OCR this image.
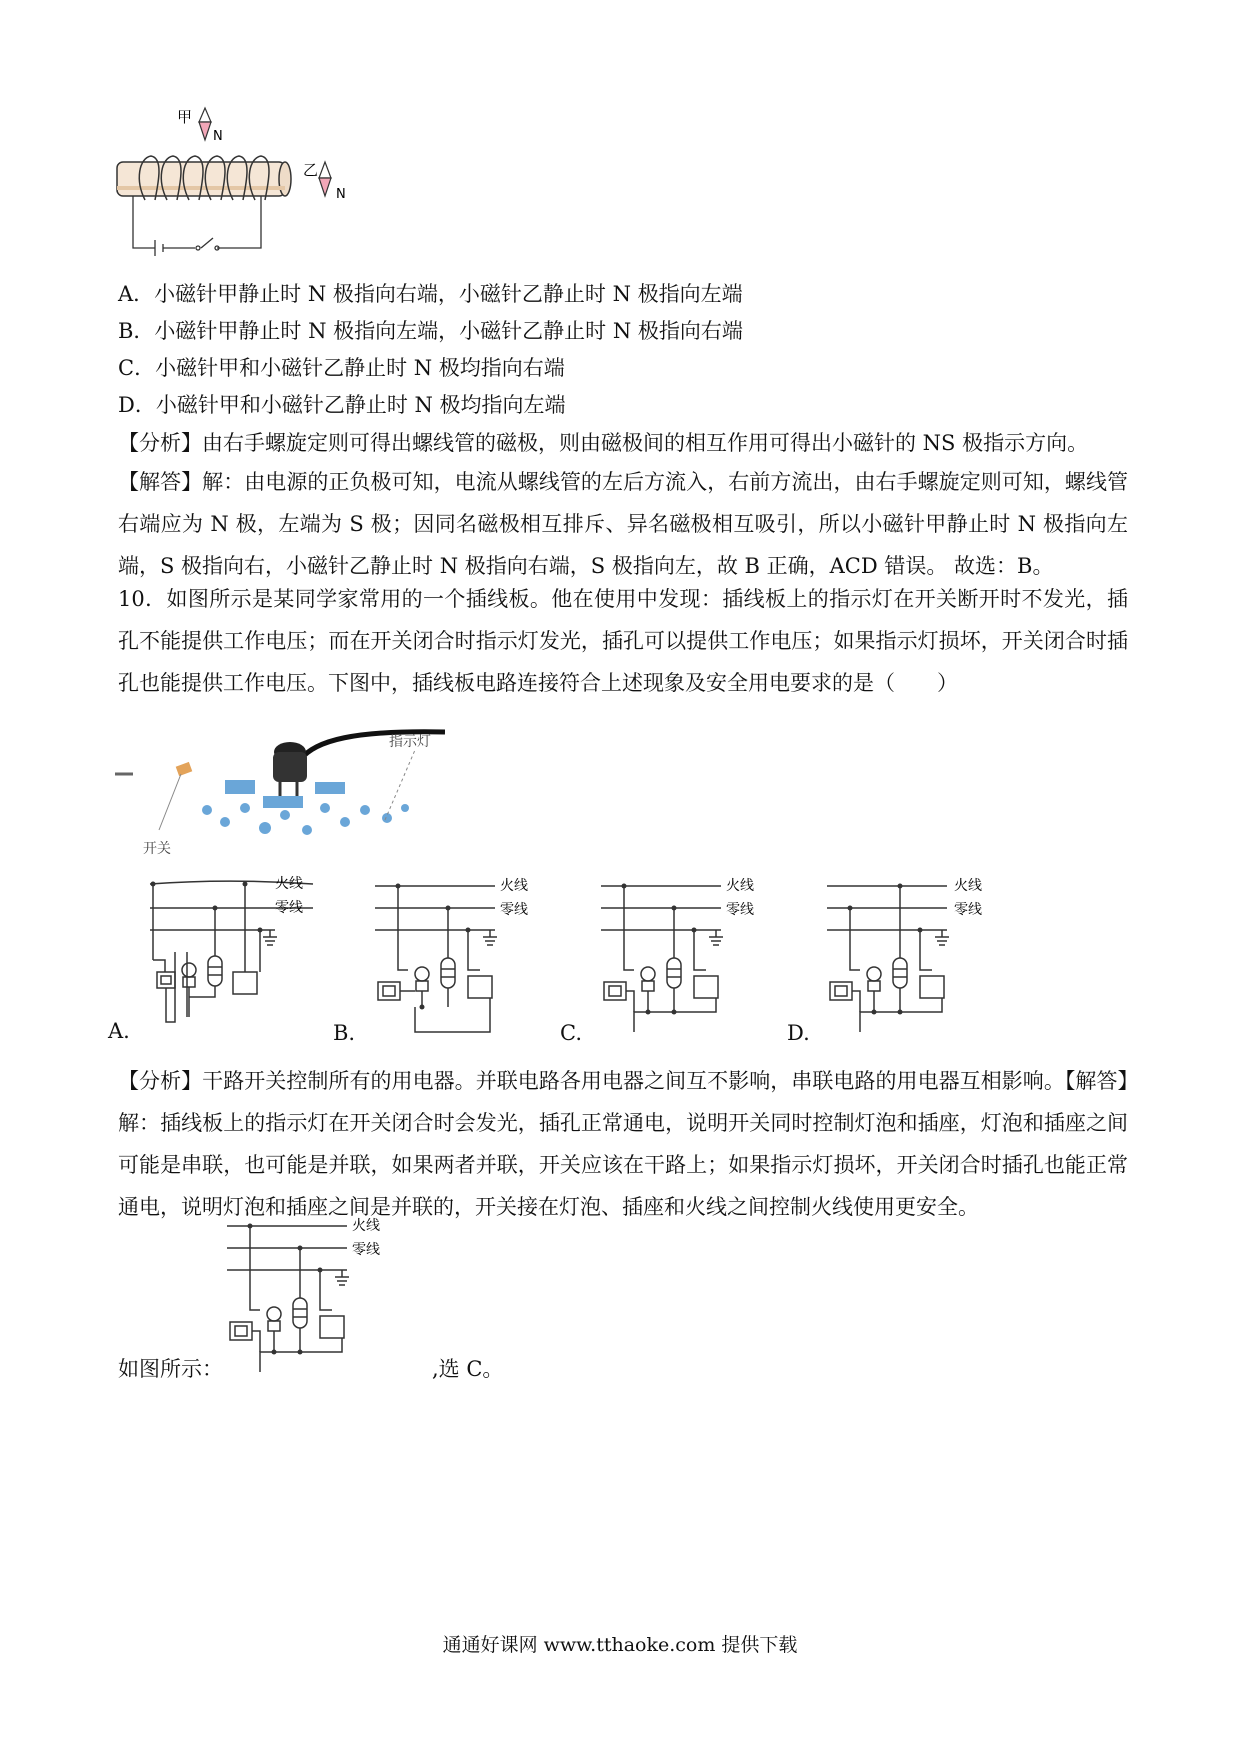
甲
N
乙
N
A．小磁针甲静止时 N 极指向右端，小磁针乙静止时 N 极指向左端
B．小磁针甲静止时 N 极指向左端，小磁针乙静止时 N 极指向右端
C．小磁针甲和小磁针乙静止时 N 极均指向右端
D．小磁针甲和小磁针乙静止时 N 极均指向左端
【分析】由右手螺旋定则可得出螺线管的磁极，则由磁极间的相互作用可得出小磁针的 NS 极指示方向。
【解答】解：由电源的正负极可知，电流从螺线管的左后方流入，右前方流出，由右手螺旋定则可知，螺线管右端应为 N 极，左端为 S 极；因同名磁极相互排斥、异名磁极相互吸引，所以小磁针甲静止时 N 极指向左端，S 极指向右，小磁针乙静止时 N 极指向右端，S 极指向左，故 B 正确，ACD 错误。 故选：B。
10．如图所示是某同学家常用的一个插线板。他在使用中发现：插线板上的指示灯在开关断开时不发光，插孔不能提供工作电压；而在开关闭合时指示灯发光，插孔可以提供工作电压；如果指示灯损坏，开关闭合时插孔也能提供工作电压。下图中，插线板电路连接符合上述现象及安全用电要求的是（　　）
指示灯
开关
火线
零线
A.
火线
零线
B.
火线
零线
C.
火线
零线
D.
【分析】干路开关控制所有的用电器。并联电路各用电器之间互不影响，串联电路的用电器互相影响。【解答】解：插线板上的指示灯在开关闭合时会发光，插孔正常通电，说明开关同时控制灯泡和插座，灯泡和插座之间可能是串联，也可能是并联，如果两者并联，开关应该在干路上；如果指示灯损坏，开关闭合时插孔也能正常通电，说明灯泡和插座之间是并联的，开关接在灯泡、插座和火线之间控制火线使用更安全。
如图所示：
火线
零线
,选 C。
通通好课网 www.tthaoke.com 提供下载
